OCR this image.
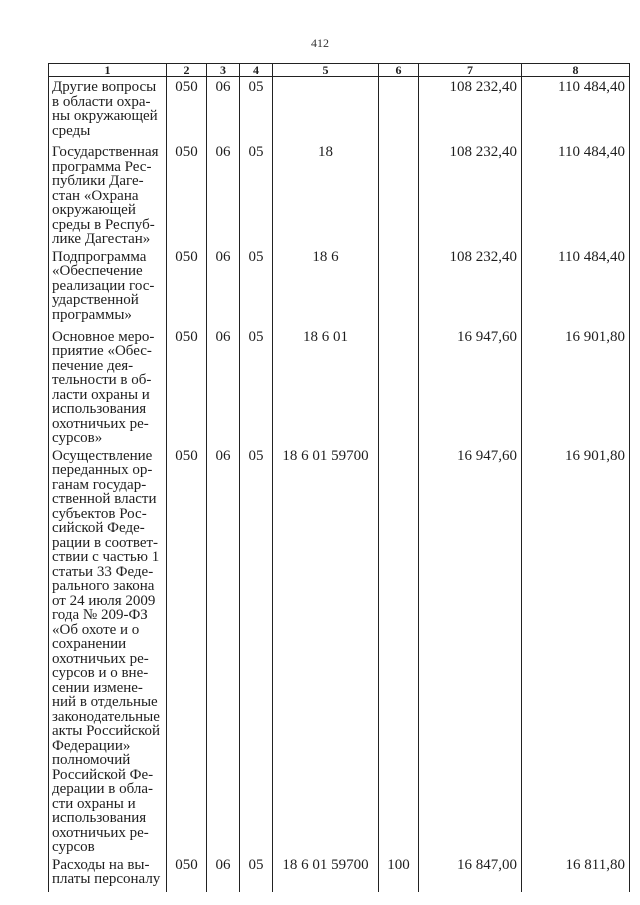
412
1	2	3	4	5	6	7	8
Другие вопросы в области охра-ны окружающей среды	050	06	05			108 232,40	110 484,40
Государственная программа Рес-публики Даге-стан «Охрана окружающей среды в Респуб-лике Дагестан»	050	06	05	18		108 232,40	110 484,40
Подпрограмма «Обеспечение реализации гос-ударственной программы»	050	06	05	18 6		108 232,40	110 484,40
Основное меро-приятие «Обес-печение дея-тельности в об-ласти охраны и использования охотничьих ре-сурсов»	050	06	05	18 6 01		16 947,60	16 901,80
Осуществление переданных ор-ганам государ-ственной власти субъектов Рос-сийской Феде-рации в соответ-ствии с частью 1 статьи 33 Феде-рального закона от 24 июля 2009 года № 209-ФЗ «Об охоте и о сохранении охотничьих ре-сурсов и о вне-сении измене-ний в отдельные законодательные акты Российской Федерации» полномочий Российской Фе-дерации в обла-сти охраны и использования охотничьих ре-сурсов	050	06	05	18 6 01 59700		16 947,60	16 901,80
Расходы на вы-платы персоналу	050	06	05	18 6 01 59700	100	16 847,00	16 811,80
